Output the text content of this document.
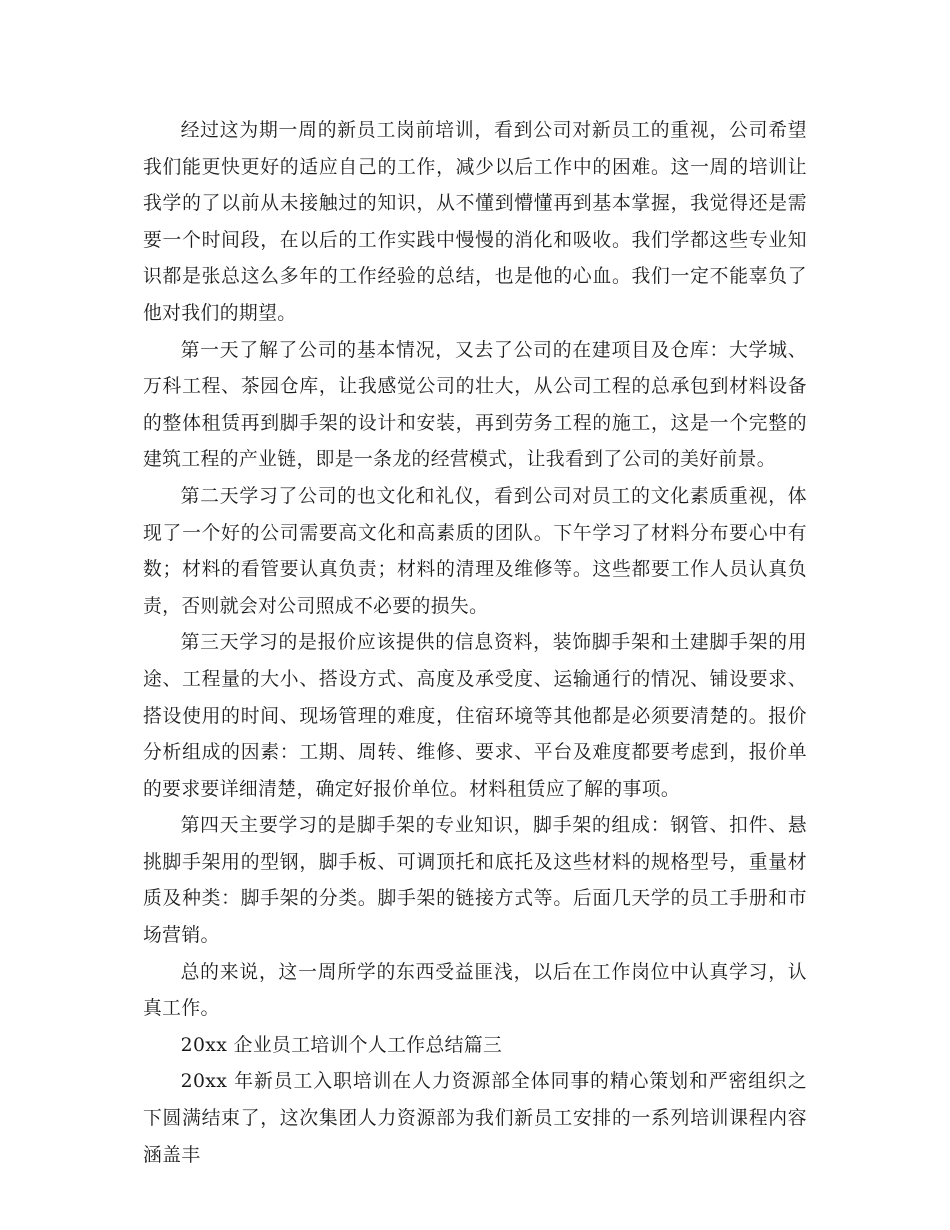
经过这为期一周的新员工岗前培训，看到公司对新员工的重视，公司希望我们能更快更好的适应自己的工作，减少以后工作中的困难。这一周的培训让我学的了以前从未接触过的知识，从不懂到懵懂再到基本掌握，我觉得还是需要一个时间段，在以后的工作实践中慢慢的消化和吸收。我们学都这些专业知识都是张总这么多年的工作经验的总结，也是他的心血。我们一定不能辜负了他对我们的期望。

第一天了解了公司的基本情况，又去了公司的在建项目及仓库：大学城、万科工程、茶园仓库，让我感觉公司的壮大，从公司工程的总承包到材料设备的整体租赁再到脚手架的设计和安装，再到劳务工程的施工，这是一个完整的建筑工程的产业链，即是一条龙的经营模式，让我看到了公司的美好前景。

第二天学习了公司的也文化和礼仪，看到公司对员工的文化素质重视，体现了一个好的公司需要高文化和高素质的团队。下午学习了材料分布要心中有数；材料的看管要认真负责；材料的清理及维修等。这些都要工作人员认真负责，否则就会对公司照成不必要的损失。

第三天学习的是报价应该提供的信息资料，装饰脚手架和土建脚手架的用途、工程量的大小、搭设方式、高度及承受度、运输通行的情况、铺设要求、搭设使用的时间、现场管理的难度，住宿环境等其他都是必须要清楚的。报价分析组成的因素：工期、周转、维修、要求、平台及难度都要考虑到，报价单的要求要详细清楚，确定好报价单位。材料租赁应了解的事项。

第四天主要学习的是脚手架的专业知识，脚手架的组成：钢管、扣件、悬挑脚手架用的型钢，脚手板、可调顶托和底托及这些材料的规格型号，重量材质及种类：脚手架的分类。脚手架的链接方式等。后面几天学的员工手册和市场营销。

总的来说，这一周所学的东西受益匪浅，以后在工作岗位中认真学习，认真工作。

20xx 企业员工培训个人工作总结篇三

20xx 年新员工入职培训在人力资源部全体同事的精心策划和严密组织之下圆满结束了，这次集团人力资源部为我们新员工安排的一系列培训课程内容涵盖丰
